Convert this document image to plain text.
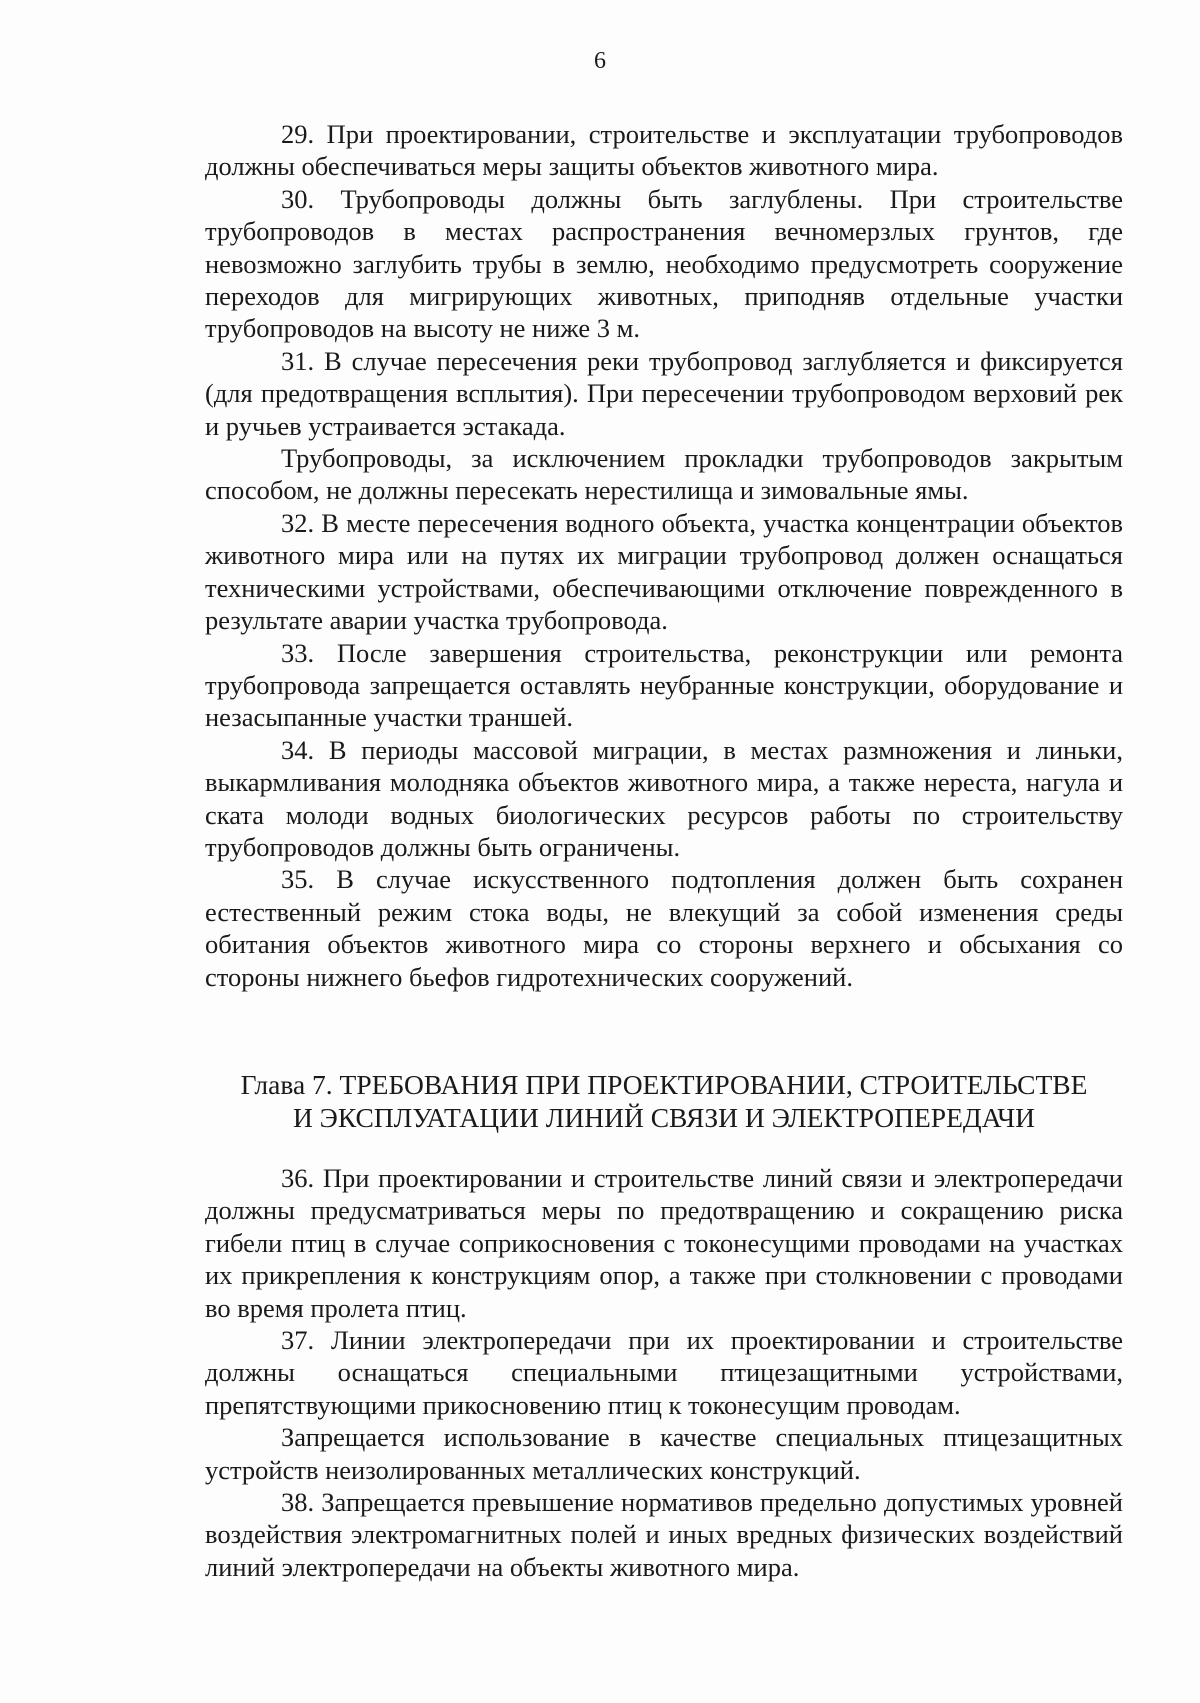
6

29. При проектировании, строительстве и эксплуатации трубопроводов должны обеспечиваться меры защиты объектов животного мира.

30. Трубопроводы должны быть заглублены. При строительстве трубопроводов в местах распространения вечномерзлых грунтов, где невозможно заглубить трубы в землю, необходимо предусмотреть сооружение переходов для мигрирующих животных, приподняв отдельные участки трубопроводов на высоту не ниже 3 м.

31. В случае пересечения реки трубопровод заглубляется и фиксируется (для предотвращения всплытия). При пересечении трубопроводом верховий рек и ручьев устраивается эстакада.

Трубопроводы, за исключением прокладки трубопроводов закрытым способом, не должны пересекать нерестилища и зимовальные ямы.

32. В месте пересечения водного объекта, участка концентрации объектов животного мира или на путях их миграции трубопровод должен оснащаться техническими устройствами, обеспечивающими отключение поврежденного в результате аварии участка трубопровода.

33. После завершения строительства, реконструкции или ремонта трубопровода запрещается оставлять неубранные конструкции, оборудование и незасыпанные участки траншей.

34. В периоды массовой миграции, в местах размножения и линьки, выкармливания молодняка объектов животного мира, а также нереста, нагула и ската молоди водных биологических ресурсов работы по строительству трубопроводов должны быть ограничены.

35. В случае искусственного подтопления должен быть сохранен естественный режим стока воды, не влекущий за собой изменения среды обитания объектов животного мира со стороны верхнего и обсыхания со стороны нижнего бьефов гидротехнических сооружений.

Глава 7. ТРЕБОВАНИЯ ПРИ ПРОЕКТИРОВАНИИ, СТРОИТЕЛЬСТВЕ
И ЭКСПЛУАТАЦИИ ЛИНИЙ СВЯЗИ И ЭЛЕКТРОПЕРЕДАЧИ

36. При проектировании и строительстве линий связи и электропередачи должны предусматриваться меры по предотвращению и сокращению риска гибели птиц в случае соприкосновения с токонесущими проводами на участках их прикрепления к конструкциям опор, а также при столкновении с проводами во время пролета птиц.

37. Линии электропередачи при их проектировании и строительстве должны оснащаться специальными птицезащитными устройствами, препятствующими прикосновению птиц к токонесущим проводам.

Запрещается использование в качестве специальных птицезащитных устройств неизолированных металлических конструкций.

38. Запрещается превышение нормативов предельно допустимых уровней воздействия электромагнитных полей и иных вредных физических воздействий линий электропередачи на объекты животного мира.
